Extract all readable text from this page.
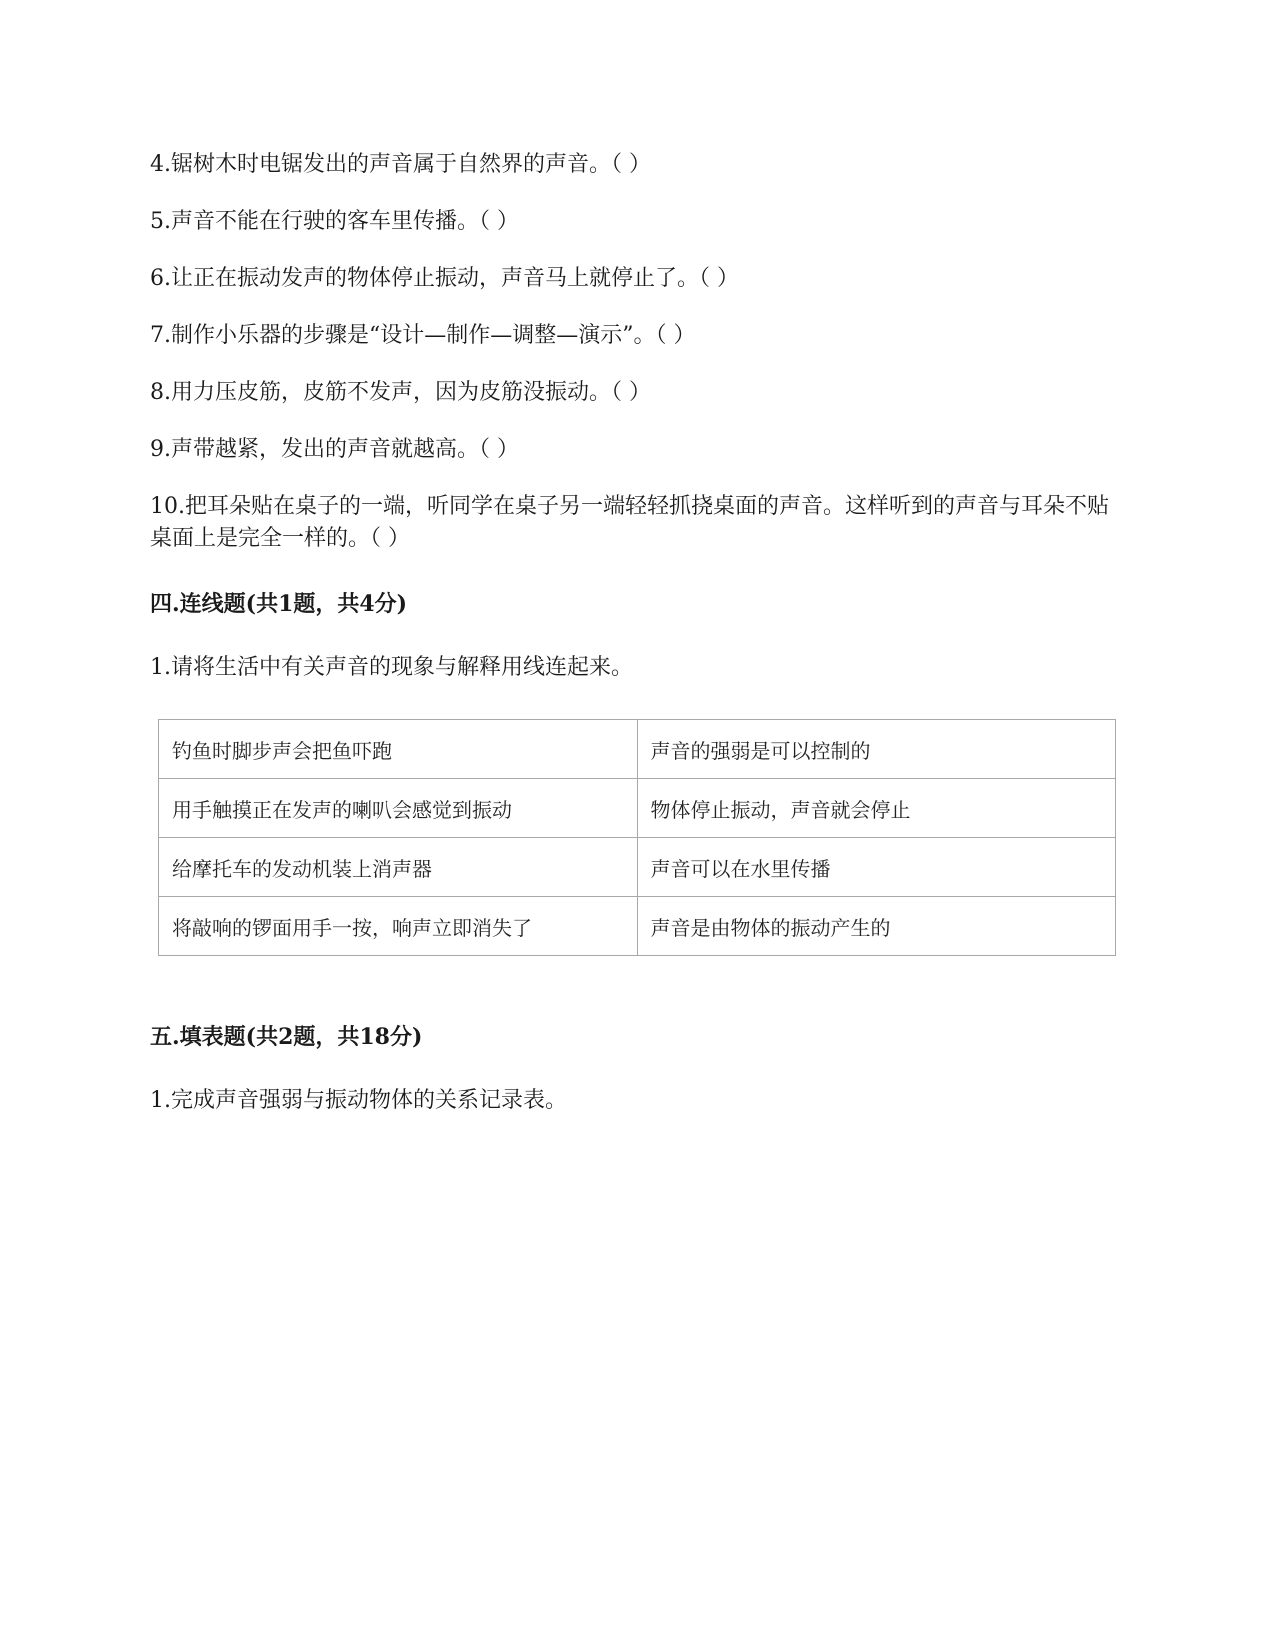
4.锯树木时电锯发出的声音属于自然界的声音。（ ）
5.声音不能在行驶的客车里传播。（ ）
6.让正在振动发声的物体停止振动，声音马上就停止了。（ ）
7.制作小乐器的步骤是“设计—制作—调整—演示”。（ ）
8.用力压皮筋，皮筋不发声，因为皮筋没振动。（ ）
9.声带越紧，发出的声音就越高。（ ）
10.把耳朵贴在桌子的一端，听同学在桌子另一端轻轻抓挠桌面的声音。这样听到的声音与耳朵不贴桌面上是完全一样的。（ ）
四.连线题(共1题，共4分)
1.请将生活中有关声音的现象与解释用线连起来。
钓鱼时脚步声会把鱼吓跑	声音的强弱是可以控制的
用手触摸正在发声的喇叭会感觉到振动	物体停止振动，声音就会停止
给摩托车的发动机装上消声器	声音可以在水里传播
将敲响的锣面用手一按，响声立即消失了	声音是由物体的振动产生的
五.填表题(共2题，共18分)
1.完成声音强弱与振动物体的关系记录表。
